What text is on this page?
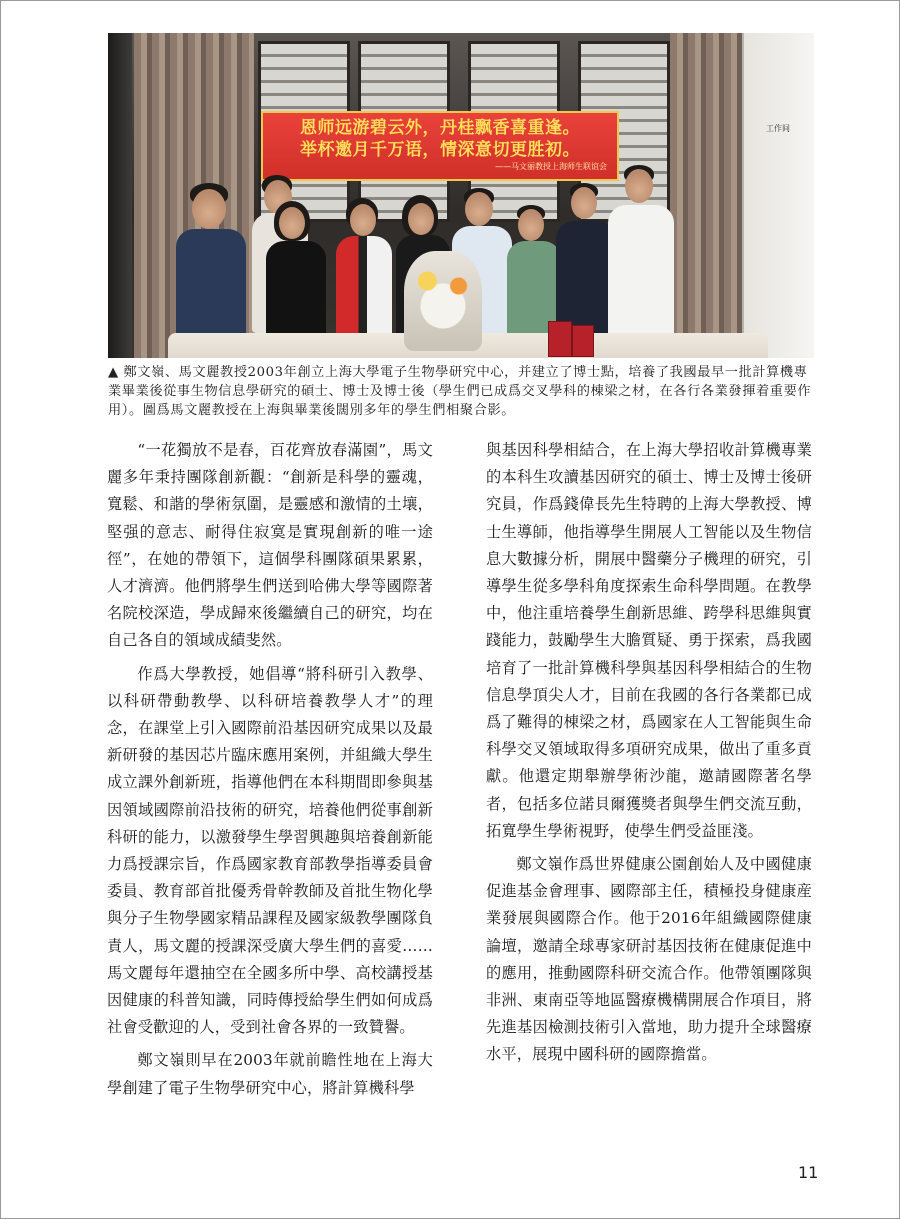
工作间
恩师远游碧云外，丹桂飘香喜重逢。
举杯邀月千万语，情深意切更胜初。
——马文丽教授上海师生联谊会
▲ 鄭文嶺、馬文麗教授2003年創立上海大學電子生物學研究中心，并建立了博士點，培養了我國最早一批計算機專業畢業後從事生物信息學研究的碩士、博士及博士後（學生們已成爲交叉學科的棟梁之材，在各行各業發揮着重要作用）。圖爲馬文麗教授在上海與畢業後闊別多年的學生們相聚合影。

“一花獨放不是春，百花齊放春滿園”，馬文麗多年秉持團隊創新觀：“創新是科學的靈魂，寬鬆、和諧的學術氛圍，是靈感和激情的土壤，堅强的意志、耐得住寂寞是實現創新的唯一途徑”，在她的帶領下，這個學科團隊碩果累累，人才濟濟。他們將學生們送到哈佛大學等國際著名院校深造，學成歸來後繼續自己的研究，均在自己各自的領域成績斐然。

作爲大學教授，她倡導“將科研引入教學、以科研帶動教學、以科研培養教學人才”的理念，在課堂上引入國際前沿基因研究成果以及最新研發的基因芯片臨床應用案例，并組織大學生成立課外創新班，指導他們在本科期間即參與基因領域國際前沿技術的研究，培養他們從事創新科研的能力，以激發學生學習興趣與培養創新能力爲授課宗旨，作爲國家教育部教學指導委員會委員、教育部首批優秀骨幹教師及首批生物化學與分子生物學國家精品課程及國家級教學團隊負責人，馬文麗的授課深受廣大學生們的喜愛……馬文麗每年還抽空在全國多所中學、高校講授基因健康的科普知識，同時傳授給學生們如何成爲社會受歡迎的人，受到社會各界的一致贊譽。

鄭文嶺則早在2003年就前瞻性地在上海大學創建了電子生物學研究中心，將計算機科學

與基因科學相結合，在上海大學招收計算機專業的本科生攻讀基因研究的碩士、博士及博士後研究員，作爲錢偉長先生特聘的上海大學教授、博士生導師，他指導學生開展人工智能以及生物信息大數據分析，開展中醫藥分子機理的研究，引導學生從多學科角度探索生命科學問題。在教學中，他注重培養學生創新思維、跨學科思維與實踐能力，鼓勵學生大膽質疑、勇于探索，爲我國培育了一批計算機科學與基因科學相結合的生物信息學頂尖人才，目前在我國的各行各業都已成爲了難得的棟梁之材，爲國家在人工智能與生命科學交叉領域取得多項研究成果，做出了重多貢獻。他還定期舉辦學術沙龍，邀請國際著名學者，包括多位諾貝爾獲獎者與學生們交流互動，拓寬學生學術視野，使學生們受益匪淺。

鄭文嶺作爲世界健康公園創始人及中國健康促進基金會理事、國際部主任，積極投身健康産業發展與國際合作。他于2016年組織國際健康論壇，邀請全球專家研討基因技術在健康促進中的應用，推動國際科研交流合作。他帶領團隊與非洲、東南亞等地區醫療機構開展合作項目，將先進基因檢測技術引入當地，助力提升全球醫療水平，展現中國科研的國際擔當。

11
